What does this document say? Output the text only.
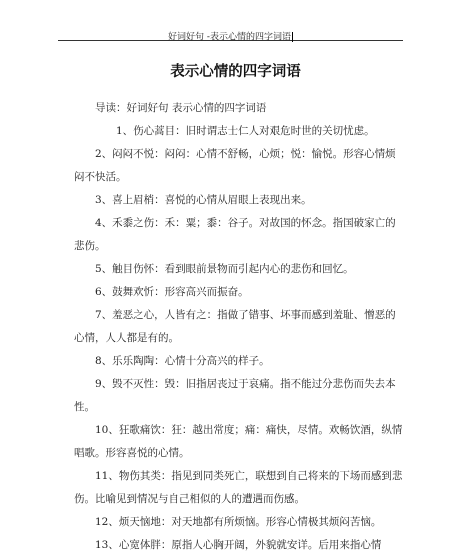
好词好句 -表示心情的四字词语
表示心情的四字词语

导读：好词好句 表示心情的四字词语

1、伤心蒿目：旧时谓志士仁人对艰危时世的关切忧虑。

2、闷闷不悦：闷闷：心情不舒畅，心烦；悦：愉悦。形容心情烦闷不快活。

3、喜上眉梢：喜悦的心情从眉眼上表现出来。

4、禾黍之伤：禾：粟；黍：谷子。对故国的怀念。指国破家亡的悲伤。

5、触目伤怀：看到眼前景物而引起内心的悲伤和回忆。

6、鼓舞欢忻：形容高兴而振奋。

7、羞恶之心，人皆有之：指做了错事、坏事而感到羞耻、憎恶的心情，人人都是有的。

8、乐乐陶陶：心情十分高兴的样子。

9、毁不灭性：毁：旧指居丧过于哀痛。指不能过分悲伤而失去本性。

10、狂歌痛饮：狂：越出常度；痛：痛快，尽情。欢畅饮酒，纵情唱歌。形容喜悦的心情。

11、物伤其类：指见到同类死亡，联想到自己将来的下场而感到悲伤。比喻见到情况与自己相似的人的遭遇而伤感。

12、烦天恼地：对天地都有所烦恼。形容心情极其烦闷苦恼。

13、心宽体胖：原指人心胸开阔，外貌就安详。后用来指心情
